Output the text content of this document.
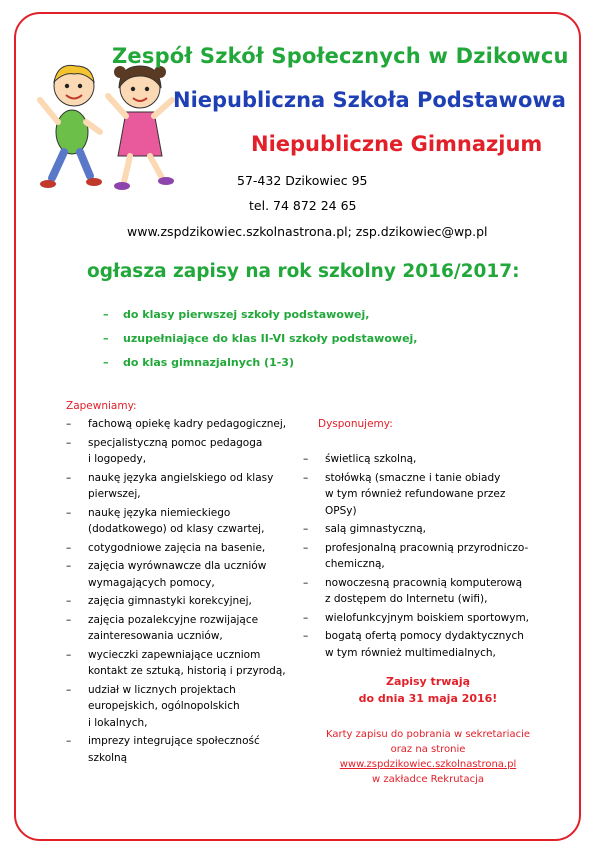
Zespół Szkół Społecznych w Dzikowcu
Niepubliczna Szkoła Podstawowa
Niepubliczne Gimnazjum
57-432 Dzikowiec 95
tel. 74 872 24 65
www.zspdzikowiec.szkolnastrona.pl; zsp.dzikowiec@wp.pl
ogłasza zapisy na rok szkolny 2016/2017:
– do klasy pierwszej szkoły podstawowej,
– uzupełniające do klas II-VI szkoły podstawowej,
– do klas gimnazjalnych (1-3)
Zapewniamy:
– fachową opiekę kadry pedagogicznej,
– specjalistyczną pomoc pedagoga
i logopedy,
– naukę języka angielskiego od klasy
pierwszej,
– naukę języka niemieckiego
(dodatkowego) od klasy czwartej,
– cotygodniowe zajęcia na basenie,
– zajęcia wyrównawcze dla uczniów
wymagających pomocy,
– zajęcia gimnastyki korekcyjnej,
– zajęcia pozalekcyjne rozwijające
zainteresowania uczniów,
– wycieczki zapewniające uczniom
kontakt ze sztuką, historią i przyrodą,
– udział w licznych projektach
europejskich, ogólnopolskich
i lokalnych,
– imprezy integrujące społeczność
szkolną
Dysponujemy:
– świetlicą szkolną,
– stołówką (smaczne i tanie obiady
w tym również refundowane przez
OPSy)
– salą gimnastyczną,
– profesjonalną pracownią przyrodniczo-
chemiczną,
– nowoczesną pracownią komputerową
z dostępem do Internetu (wifi),
– wielofunkcyjnym boiskiem sportowym,
– bogatą ofertą pomocy dydaktycznych
w tym również multimedialnych,
Zapisy trwają
do dnia 31 maja 2016!
Karty zapisu do pobrania w sekretariacie
oraz na stronie
www.zspdzikowiec.szkolnastrona.pl
w zakładce Rekrutacja
